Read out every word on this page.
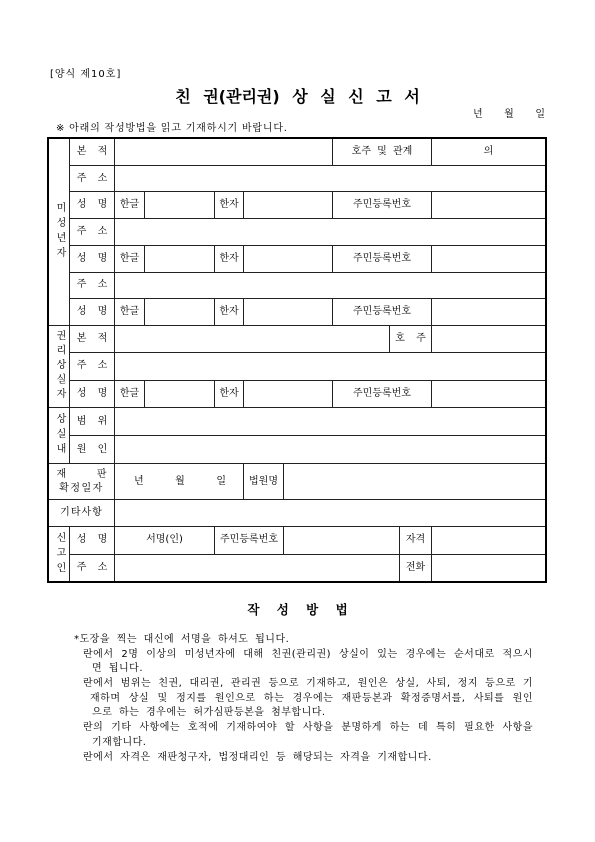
[양식 제10호]
친 권(관리권) 상 실 신 고 서
년 월 일
※ 아래의 작성방법을 읽고 기재하시기 바랍니다.
미성년자
본 적	호주 및 관계	의
주 소
성 명	한글	한자	주민등록번호
주 소
성 명	한글	한자	주민등록번호
주 소
성 명	한글	한자	주민등록번호
권리상실자	본 적	호 주
주 소
성 명	한글	한자	주민등록번호
상실내	범 위
원 인
재 판
확정일자
년 월 일	법원명
기타사항
신고인	성 명	서명(인)	주민등록번호	자격
주 소	전화
작 성 방 법
*도장을 찍는 대신에 서명을 하셔도 됩니다.
란에서 2명 이상의 미성년자에 대해 친권(관리권) 상실이 있는 경우에는 순서대로 적으시
면 됩니다.
란에서 범위는 친권, 대리권, 관리권 등으로 기재하고, 원인은 상실, 사퇴, 정지 등으로 기
재하며 상실 및 정지를 원인으로 하는 경우에는 재판등본과 확정증명서를, 사퇴를 원인
으로 하는 경우에는 허가심판등본을 첨부합니다.
란의 기타 사항에는 호적에 기재하여야 할 사항을 분명하게 하는 데 특히 필요한 사항을
기재합니다.
란에서 자격은 재판청구자, 법정대리인 등 해당되는 자격을 기재합니다.
